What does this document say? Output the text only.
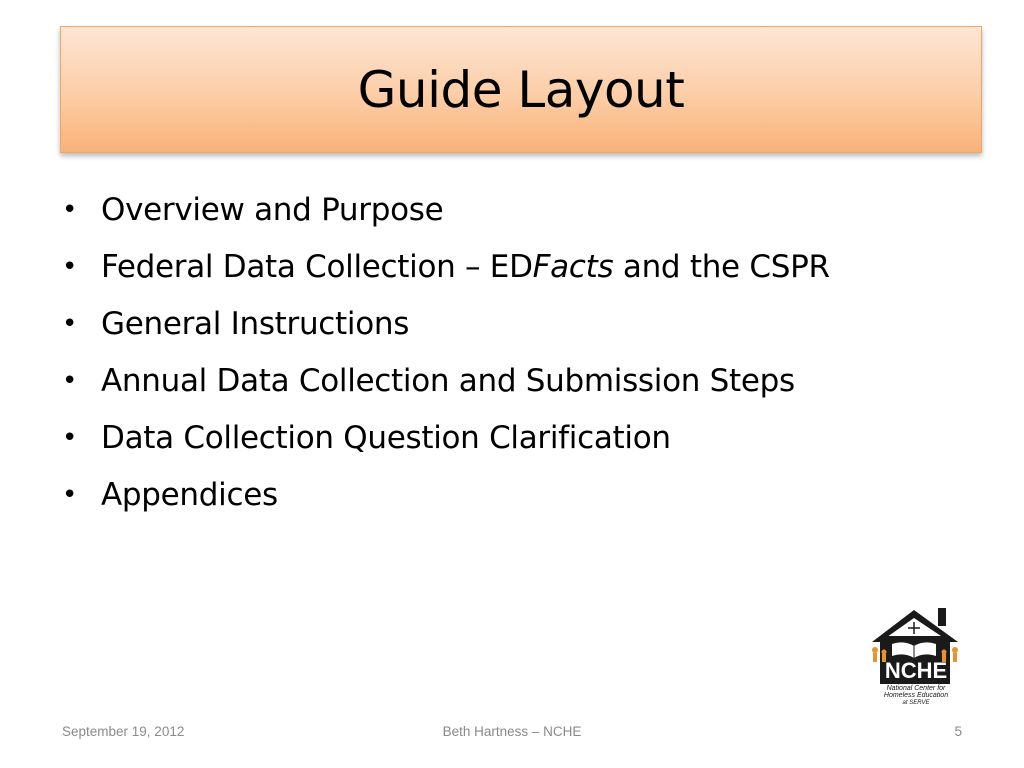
Guide Layout
• Overview and Purpose
• Federal Data Collection – EDFacts and the CSPR
• General Instructions
• Annual Data Collection and Submission Steps
• Data Collection Question Clarification
• Appendices
NCHE
National Center for
Homeless Education
at SERVE
September 19, 2012	Beth Hartness – NCHE	5
